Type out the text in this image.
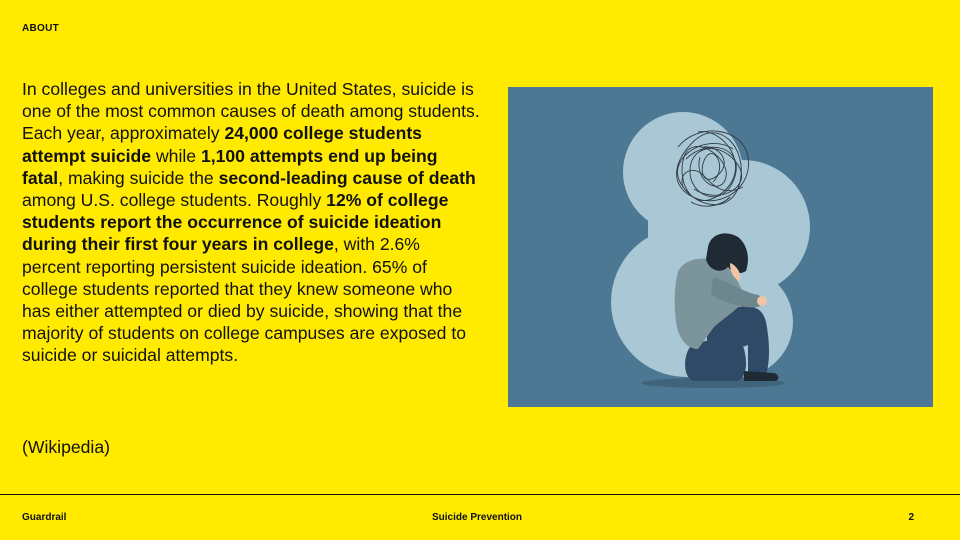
ABOUT
In colleges and universities in the United States, suicide is one of the most common causes of death among students. Each year, approximately 24,000 college students attempt suicide while 1,100 attempts end up being fatal, making suicide the second-leading cause of death among U.S. college students. Roughly 12% of college students report the occurrence of suicide ideation during their first four years in college, with 2.6% percent reporting persistent suicide ideation. 65% of college students reported that they knew someone who has either attempted or died by suicide, showing that the majority of students on college campuses are exposed to suicide or suicidal attempts.
(Wikipedia)
Guardrail	Suicide Prevention	2
